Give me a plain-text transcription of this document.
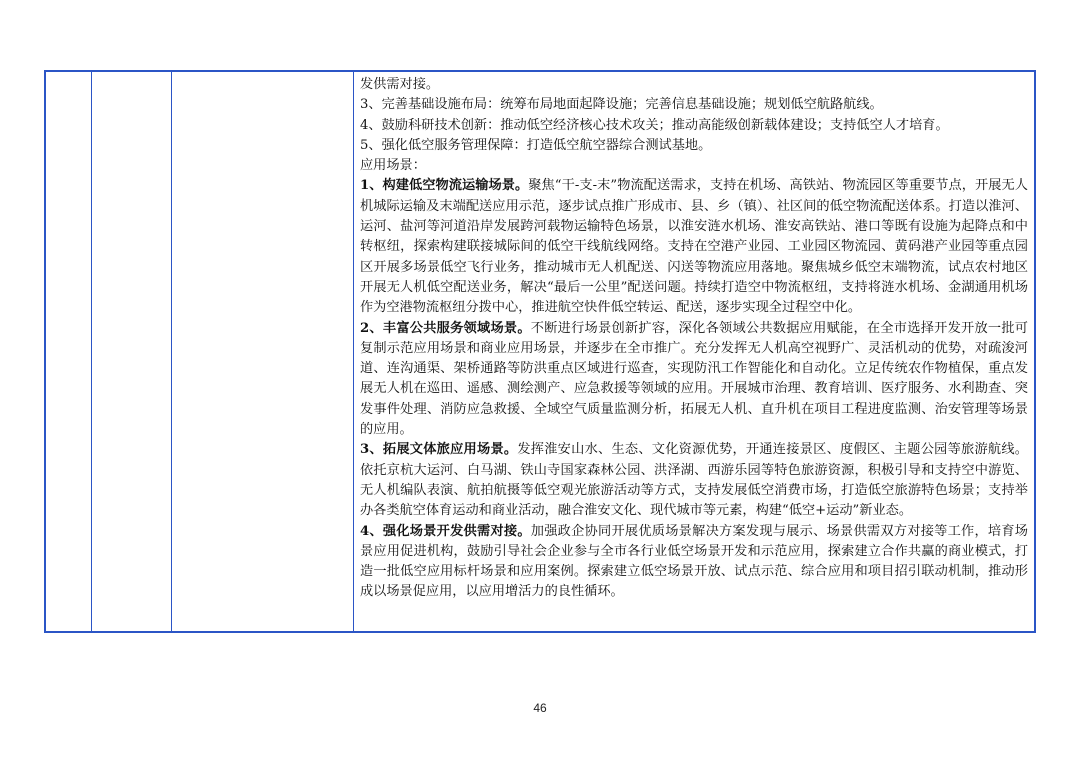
发供需对接。

3、完善基础设施布局：统筹布局地面起降设施；完善信息基础设施；规划低空航路航线。

4、鼓励科研技术创新：推动低空经济核心技术攻关；推动高能级创新载体建设；支持低空人才培育。

5、强化低空服务管理保障：打造低空航空器综合测试基地。

应用场景：

1、构建低空物流运输场景。聚焦“干-支-末”物流配送需求，支持在机场、高铁站、物流园区等重要节点，开展无人机城际运输及末端配送应用示范，逐步试点推广形成市、县、乡（镇）、社区间的低空物流配送体系。打造以淮河、运河、盐河等河道沿岸发展跨河载物运输特色场景，以淮安涟水机场、淮安高铁站、港口等既有设施为起降点和中转枢纽，探索构建联接城际间的低空干线航线网络。支持在空港产业园、工业园区物流园、黄码港产业园等重点园区开展多场景低空飞行业务，推动城市无人机配送、闪送等物流应用落地。聚焦城乡低空末端物流，试点农村地区开展无人机低空配送业务，解决“最后一公里”配送问题。持续打造空中物流枢纽，支持将涟水机场、金湖通用机场作为空港物流枢纽分拨中心，推进航空快件低空转运、配送，逐步实现全过程空中化。

2、丰富公共服务领域场景。不断进行场景创新扩容，深化各领域公共数据应用赋能，在全市选择开发开放一批可复制示范应用场景和商业应用场景，并逐步在全市推广。充分发挥无人机高空视野广、灵活机动的优势，对疏浚河道、连沟通渠、架桥通路等防洪重点区域进行巡查，实现防汛工作智能化和自动化。立足传统农作物植保，重点发展无人机在巡田、遥感、测绘测产、应急救援等领域的应用。开展城市治理、教育培训、医疗服务、水利勘查、突发事件处理、消防应急救援、全域空气质量监测分析，拓展无人机、直升机在项目工程进度监测、治安管理等场景的应用。

3、拓展文体旅应用场景。发挥淮安山水、生态、文化资源优势，开通连接景区、度假区、主题公园等旅游航线。依托京杭大运河、白马湖、铁山寺国家森林公园、洪泽湖、西游乐园等特色旅游资源，积极引导和支持空中游览、无人机编队表演、航拍航摄等低空观光旅游活动等方式，支持发展低空消费市场，打造低空旅游特色场景；支持举办各类航空体育运动和商业活动，融合淮安文化、现代城市等元素，构建“低空+运动”新业态。

4、强化场景开发供需对接。加强政企协同开展优质场景解决方案发现与展示、场景供需双方对接等工作，培育场景应用促进机构，鼓励引导社会企业参与全市各行业低空场景开发和示范应用，探索建立合作共赢的商业模式，打造一批低空应用标杆场景和应用案例。探索建立低空场景开放、试点示范、综合应用和项目招引联动机制，推动形成以场景促应用，以应用增活力的良性循环。

46
